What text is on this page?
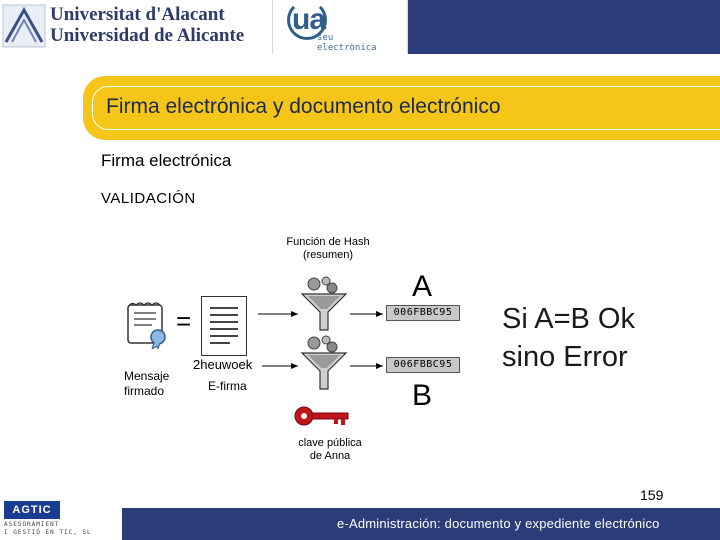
Universitat d'Alacant
Universidad de Alicante ua
seu
electrònica
Firma electrónica y documento electrónico
Firma electrónica
VALIDACIÓN
Función de Hash
(resumen)
=
2heuwoek
Mensaje
firmado	E-firma
006FBBC95
006FBBC95
A
B
Si A=B Ok
sino Error
clave pública
de Anna
159
AGTIC
ASESORAMIENT
I GESTIÓ EN TIC, SL
e-Administración: documento y expediente electrónico
